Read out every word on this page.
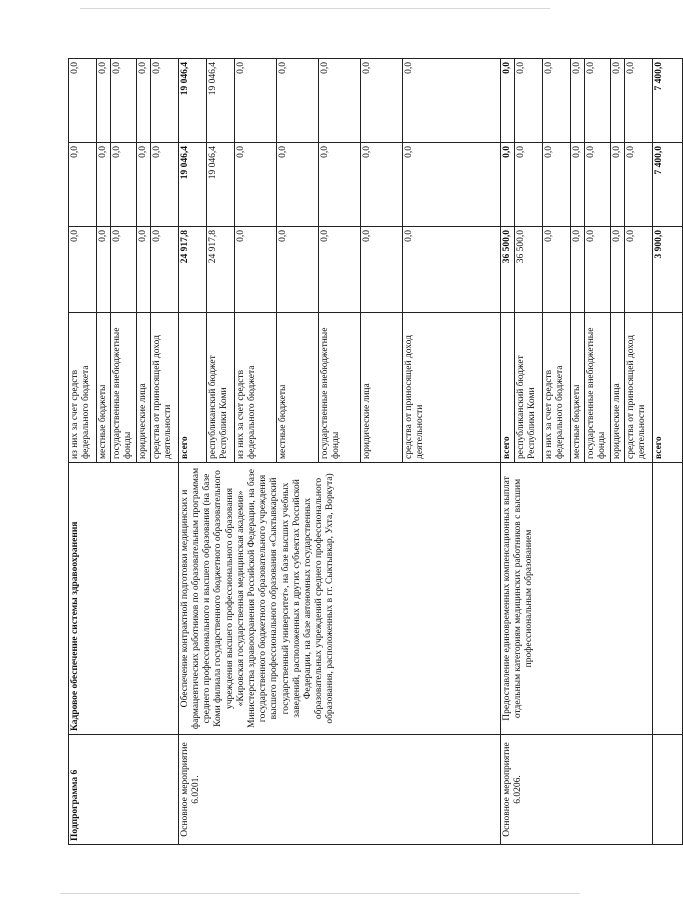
Подпрограмма 6	Кадровое обеспечение системы здравоохранения	из них за счет средств федерального бюджета	0,0	0,0	0,0
		местные бюджеты	0,0	0,0	0,0
		государственные внебюджетные фонды	0,0	0,0	0,0
		юридические лица	0,0	0,0	0,0
		средства от приносящей доход деятельности	0,0	0,0	0,0
Основное мероприятие 6.0201.	Обеспечение контрактной подготовки медицинских и фармацевтических работников по образовательным программам среднего профессионального и высшего образования (на базе Коми филиала государственного бюджетного образовательного учреждения высшего профессионального образования «Кировская государственная медицинская академия» Министерства здравоохранения Российской Федерации, на базе государственного бюджетного образовательного учреждения высшего профессионального образования «Сыктывкарский государственный университет», на базе высших учебных заведений, расположенных в других субъектах Российской Федерации, на базе автономных государственных образовательных учреждений среднего профессионального образования, расположенных в гг. Сыктывкар, Ухта, Воркута)	всего	24 917,8	19 046,4	19 046,4
		республиканский бюджет Республики Коми	24 917,8	19 046,4	19 046,4
		из них за счет средств федерального бюджета	0,0	0,0	0,0
		местные бюджеты	0,0	0,0	0,0
		государственные внебюджетные фонды	0,0	0,0	0,0
		юридические лица	0,0	0,0	0,0
		средства от приносящей доход деятельности	0,0	0,0	0,0
Основное мероприятие 6.0206.	Предоставление единовременных компенсационных выплат отдельным категориям медицинских работников с высшим профессиональным образованием	всего	36 500,0	0,0	0,0
		республиканский бюджет Республики Коми	36 500,0	0,0	0,0
		из них за счет средств федерального бюджета	0,0	0,0	0,0
		местные бюджеты	0,0	0,0	0,0
		государственные внебюджетные фонды	0,0	0,0	0,0
		юридические лица	0,0	0,0	0,0
		средства от приносящей доход деятельности	0,0	0,0	0,0
		всего	3 900,0	7 400,0	7 400,0
